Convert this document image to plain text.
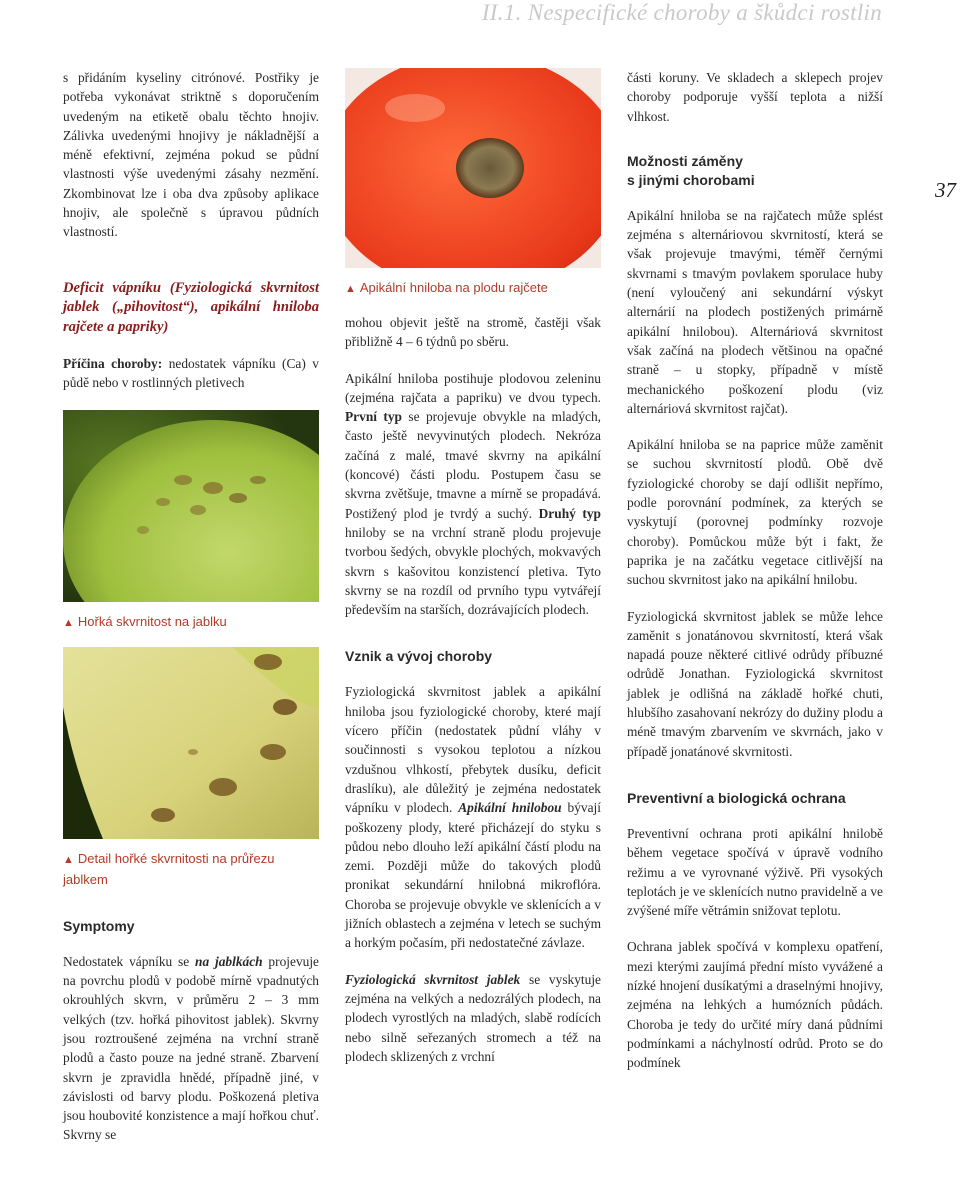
II.1. Nespecifické choroby a škůdci rostlin
37

s přidáním kyseliny citrónové. Postřiky je potřeba vykonávat striktně s doporučením uvedeným na etiketě obalu těchto hnojiv. Zálivka uvedenými hnojivy je nákladnější a méně efektivní, zejména pokud se půdní vlastnosti výše uvedenými zásahy nezmění. Zkombinovat lze i oba dva způsoby aplikace hnojiv, ale společně s úpravou půdních vlastností.

Deficit vápníku (Fyziologická skvrnitost jablek („pihovitost“), apikální hniloba rajčete a papriky)

Příčina choroby: nedostatek vápníku (Ca) v půdě nebo v rostlinných pletivech

▲ Hořká skvrnitost na jablku
▲ Detail hořké skvrnitosti na průřezu jablkem
Symptomy

Nedostatek vápníku se na jablkách projevuje na povrchu plodů v podobě mírně vpadnutých okrouhlých skvrn, v průměru 2 – 3 mm velkých (tzv. hořká pihovitost jablek). Skvrny jsou roztroušené zejména na vrchní straně plodů a často pouze na jedné straně. Zbarvení skvrn je zpravidla hnědé, případně jiné, v závislosti od barvy plodu. Poškozená pletiva jsou houbovité konzistence a mají hořkou chuť. Skvrny se

▲ Apikální hniloba na plodu rajčete

mohou objevit ještě na stromě, častěji však přibližně 4 – 6 týdnů po sběru.

Apikální hniloba postihuje plodovou zeleninu (zejména rajčata a papriku) ve dvou typech. První typ se projevuje obvykle na mladých, často ještě nevyvinutých plodech. Nekróza začíná z malé, tmavé skvrny na apikální (koncové) části plodu. Postupem času se skvrna zvětšuje, tmavne a mírně se propadává. Postižený plod je tvrdý a suchý. Druhý typ hniloby se na vrchní straně plodu projevuje tvorbou šedých, obvykle plochých, mokvavých skvrn s kašovitou konzistencí pletiva. Tyto skvrny se na rozdíl od prvního typu vytvářejí především na starších, dozrávajících plodech.

Vznik a vývoj choroby

Fyziologická skvrnitost jablek a apikální hniloba jsou fyziologické choroby, které mají vícero příčin (nedostatek půdní vláhy v součinnosti s vysokou teplotou a nízkou vzdušnou vlhkostí, přebytek dusíku, deficit draslíku), ale důležitý je zejména nedostatek vápníku v plodech. Apikální hnilobou bývají poškozeny plody, které přicházejí do styku s půdou nebo dlouho leží apikální částí plodu na zemi. Později může do takových plodů pronikat sekundární hnilobná mikroflóra. Choroba se projevuje obvykle ve sklenících a v jižních oblastech a zejména v letech se suchým a horkým počasím, při nedostatečné závlaze.

Fyziologická skvrnitost jablek se vyskytuje zejména na velkých a nedozrálých plodech, na plodech vyrostlých na mladých, slabě rodících nebo silně seřezaných stromech a též na plodech sklizených z vrchní

části koruny. Ve skladech a sklepech projev choroby podporuje vyšší teplota a nižší vlhkost.

Možnosti záměny
s jinými chorobami

Apikální hniloba se na rajčatech může splést zejména s alternáriovou skvrnitostí, která se však projevuje tmavými, téměř černými skvrnami s tmavým povlakem sporulace huby (není vyloučený ani sekundární výskyt alternárií na plodech postižených primárně apikální hnilobou). Alternáriová skvrnitost však začíná na plodech většinou na opačné straně – u stopky, případně v místě mechanického poškození plodu (viz alternáriová skvrnitost rajčat).

Apikální hniloba se na paprice může zaměnit se suchou skvrnitostí plodů. Obě dvě fyziologické choroby se dají odlišit nepřímo, podle porovnání podmínek, za kterých se vyskytují (porovnej podmínky rozvoje choroby). Pomůckou může být i fakt, že paprika je na začátku vegetace citlivější na suchou skvrnitost jako na apikální hnilobu.

Fyziologická skvrnitost jablek se může lehce zaměnit s jonatánovou skvrnitostí, která však napadá pouze některé citlivé odrůdy příbuzné odrůdě Jonathan. Fyziologická skvrnitost jablek je odlišná na základě hořké chuti, hlubšího zasahovaní nekrózy do dužiny plodu a méně tmavým zbarvením ve skvrnách, jako v případě jonatánové skvrnitosti.

Preventivní a biologická ochrana

Preventivní ochrana proti apikální hnilobě během vegetace spočívá v úpravě vodního režimu a ve vyrovnané výživě. Při vysokých teplotách je ve sklenících nutno pravidelně a ve zvýšené míře větrámin snižovat teplotu.

Ochrana jablek spočívá v komplexu opatření, mezi kterými zaujímá přední místo vyvážené a nízké hnojení dusíkatými a draselnými hnojivy, zejména na lehkých a humózních půdách. Choroba je tedy do určité míry daná půdními podmínkami a náchylností odrůd. Proto se do podmínek
